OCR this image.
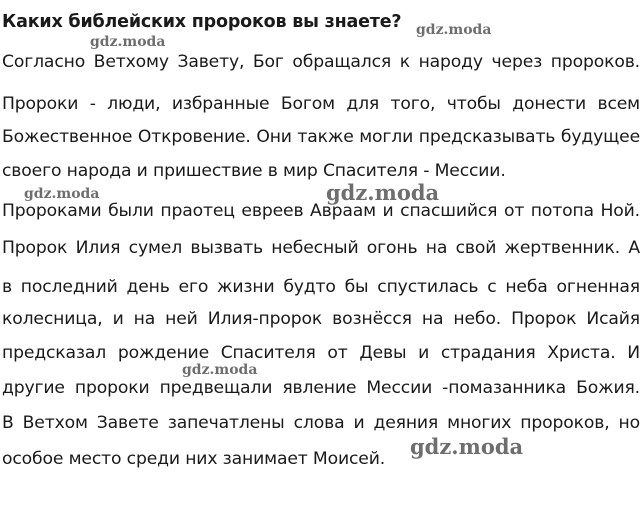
Каких библейских пророков вы знаете?
Согласно Ветхому Завету, Бог обращался к народу через пророков.
Пророки - люди, избранные Богом для того, чтобы донести всем
Божественное Откровение. Они также могли предсказывать будущее
своего народа и пришествие в мир Спасителя - Мессии.
Пророками были праотец евреев Авраам и спасшийся от потопа Ной.
Пророк Илия сумел вызвать небесный огонь на свой жертвенник. А
в последний день его жизни будто бы спустилась с неба огненная
колесница, и на ней Илия-пророк вознёсся на небо. Пророк Исайя
предсказал рождение Спасителя от Девы и страдания Христа. И
другие пророки предвещали явление Мессии -помазанника Божия.
В Ветхом Завете запечатлены слова и деяния многих пророков, но
особое место среди них занимает Моисей.
gdz.moda
gdz.moda
gdz.moda	gdz.moda
gdz.moda
gdz.moda
